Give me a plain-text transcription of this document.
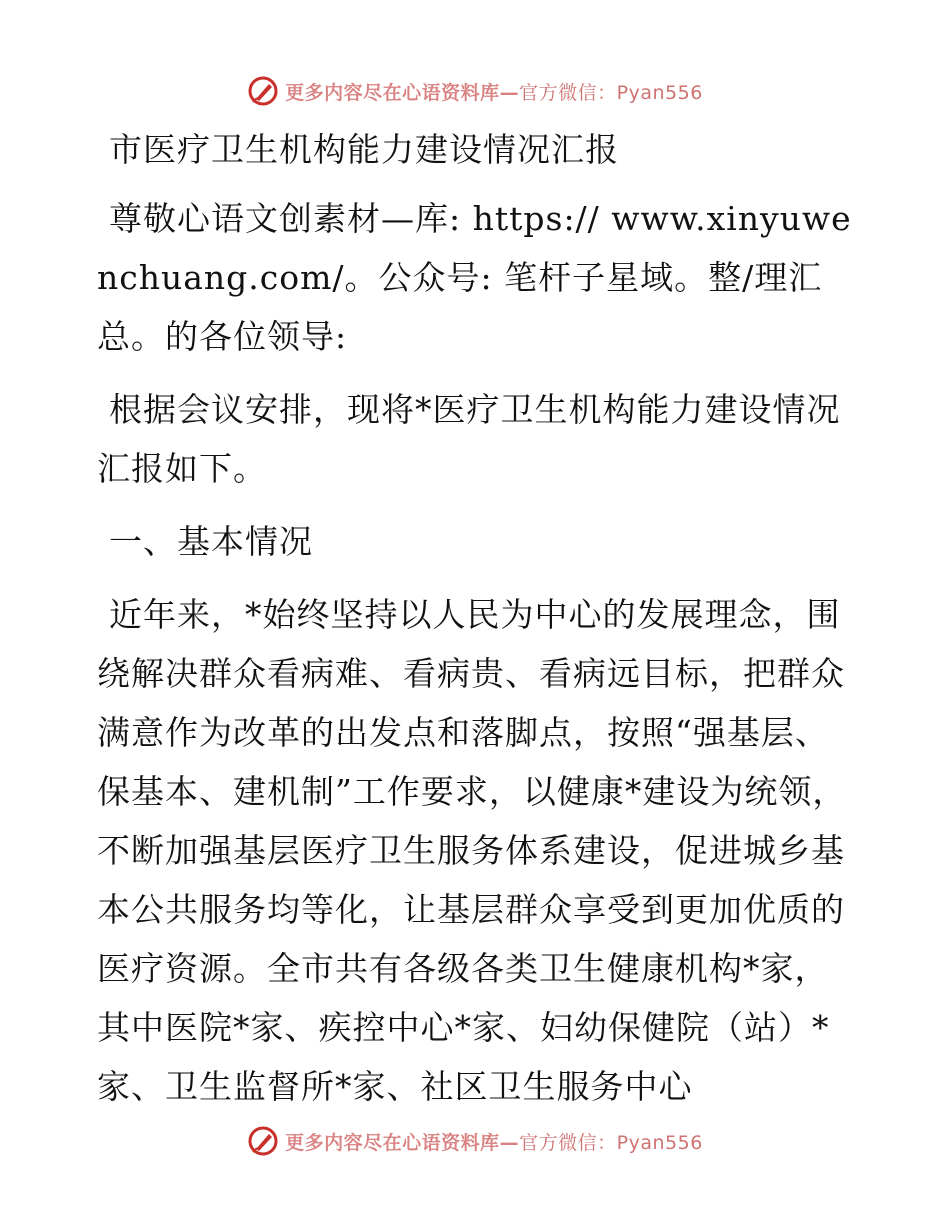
更多内容尽在心语资料库—官方微信：Pyan556

市医疗卫生机构能力建设情况汇报

尊敬心语文创素材—库: https:// www.xinyuwenchuang.com/。公众号: 笔杆子星域。整/理汇总。的各位领导:

根据会议安排，现将*医疗卫生机构能力建设情况汇报如下。

一、基本情况

近年来，*始终坚持以人民为中心的发展理念，围绕解决群众看病难、看病贵、看病远目标，把群众满意作为改革的出发点和落脚点，按照“强基层、保基本、建机制”工作要求，以健康*建设为统领，不断加强基层医疗卫生服务体系建设，促进城乡基本公共服务均等化，让基层群众享受到更加优质的医疗资源。全市共有各级各类卫生健康机构*家，其中医院*家、疾控中心*家、妇幼保健院（站）*家、卫生监督所*家、社区卫生服务中心

更多内容尽在心语资料库—官方微信：Pyan556
